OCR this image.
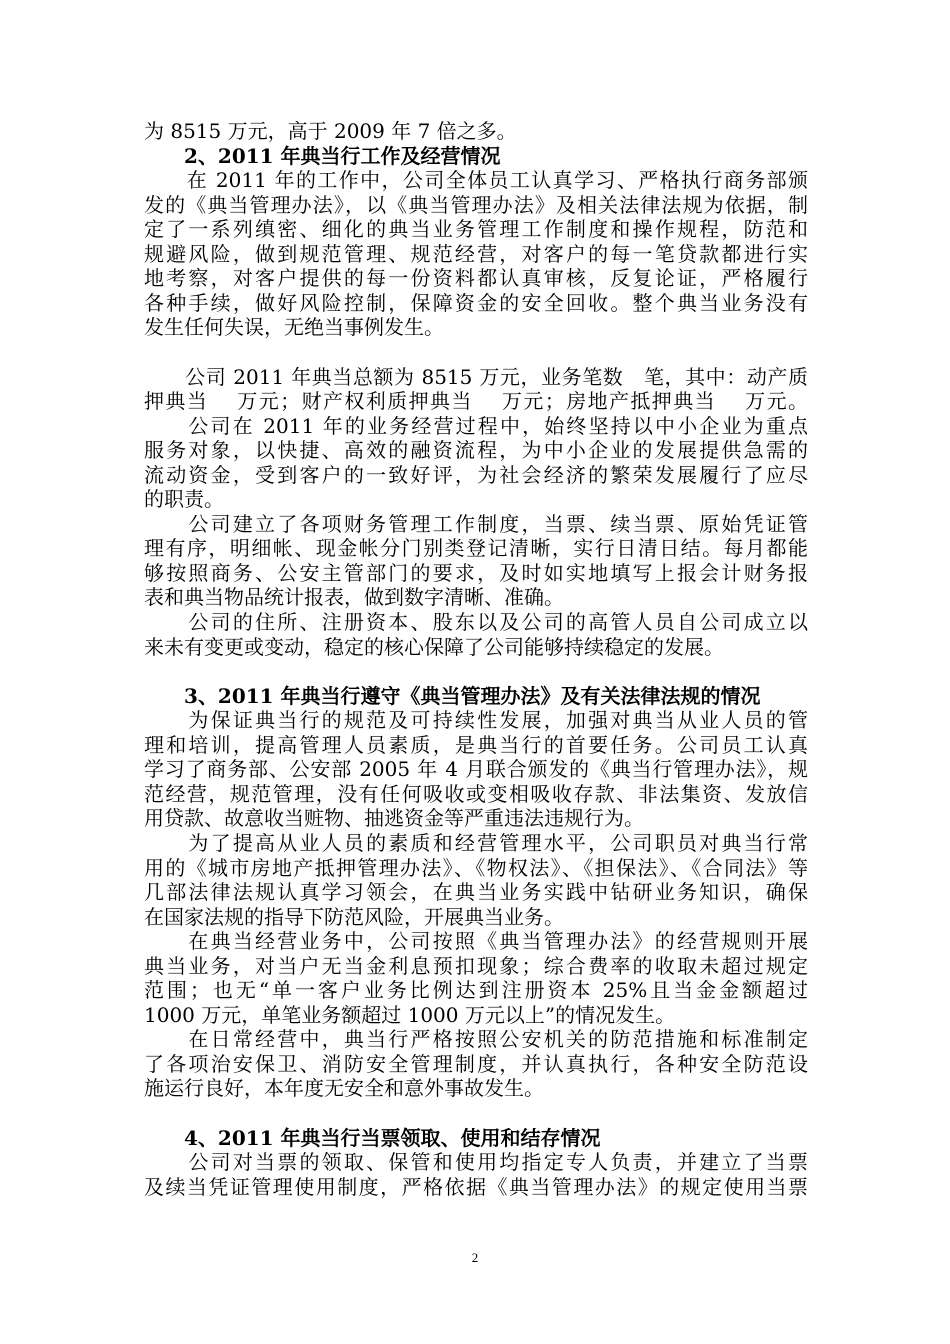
为 8515 万元，高于 2009 年 7 倍之多。
　　2、2011 年典当行工作及经营情况
　　在 2011 年的工作中，公司全体员工认真学习、严格执行商务部颁
发的《典当管理办法》，以《典当管理办法》及相关法律法规为依据，制
定了一系列缜密、细化的典当业务管理工作制度和操作规程，防范和
规避风险，做到规范管理、规范经营，对客户的每一笔贷款都进行实
地考察，对客户提供的每一份资料都认真审核，反复论证，严格履行
各种手续，做好风险控制，保障资金的安全回收。整个典当业务没有
发生任何失误，无绝当事例发生。
　　公司 2011 年典当总额为 8515 万元，业务笔数　笔，其中：动产质
押典当　 万元；财产权利质押典当　 万元；房地产抵押典当　 万元。
　　公司在 2011 年的业务经营过程中，始终坚持以中小企业为重点
服务对象，以快捷、高效的融资流程，为中小企业的发展提供急需的
流动资金，受到客户的一致好评，为社会经济的繁荣发展履行了应尽
的职责。
　　公司建立了各项财务管理工作制度，当票、续当票、原始凭证管
理有序，明细帐、现金帐分门别类登记清晰，实行日清日结。每月都能
够按照商务、公安主管部门的要求，及时如实地填写上报会计财务报
表和典当物品统计报表，做到数字清晰、准确。
　　公司的住所、注册资本、股东以及公司的高管人员自公司成立以
来未有变更或变动，稳定的核心保障了公司能够持续稳定的发展。
　　3、2011 年典当行遵守《典当管理办法》及有关法律法规的情况
　　为保证典当行的规范及可持续性发展，加强对典当从业人员的管
理和培训，提高管理人员素质，是典当行的首要任务。公司员工认真
学习了商务部、公安部 2005 年 4 月联合颁发的《典当行管理办法》，规
范经营，规范管理，没有任何吸收或变相吸收存款、非法集资、发放信
用贷款、故意收当赃物、抽逃资金等严重违法违规行为。
　　为了提高从业人员的素质和经营管理水平，公司职员对典当行常
用的《城市房地产抵押管理办法》、《物权法》、《担保法》、《合同法》等
几部法律法规认真学习领会，在典当业务实践中钻研业务知识，确保
在国家法规的指导下防范风险，开展典当业务。
　　在典当经营业务中，公司按照《典当管理办法》的经营规则开展
典当业务，对当户无当金利息预扣现象；综合费率的收取未超过规定
范围；也无“单一客户业务比例达到注册资本 25%且当金金额超过
1000 万元，单笔业务额超过 1000 万元以上”的情况发生。
　　在日常经营中，典当行严格按照公安机关的防范措施和标准制定
了各项治安保卫、消防安全管理制度，并认真执行，各种安全防范设
施运行良好，本年度无安全和意外事故发生。
　　4、2011 年典当行当票领取、使用和结存情况
　　公司对当票的领取、保管和使用均指定专人负责，并建立了当票
及续当凭证管理使用制度，严格依据《典当管理办法》的规定使用当票
2
